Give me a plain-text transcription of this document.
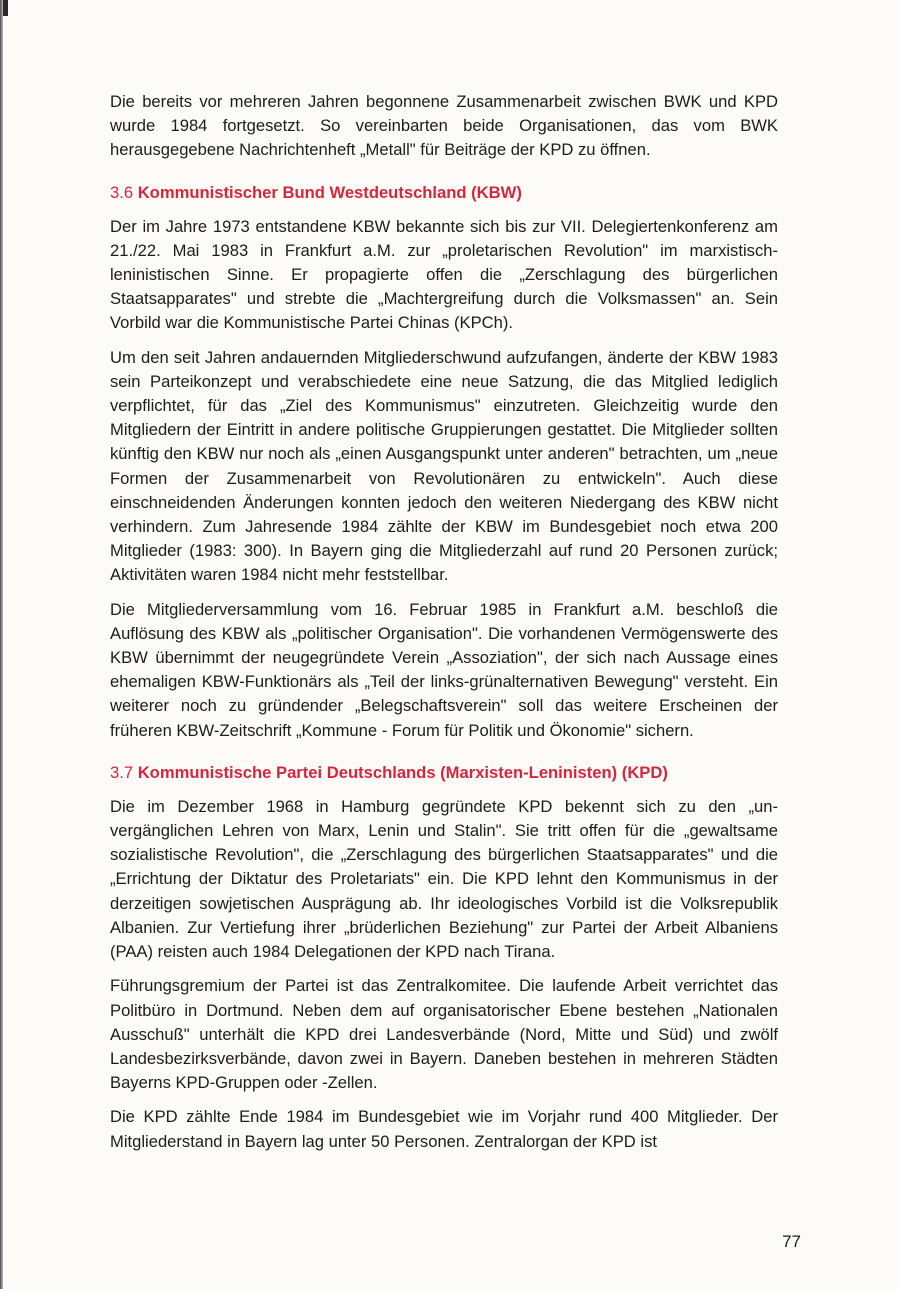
Die bereits vor mehreren Jahren begonnene Zusammenarbeit zwischen BWK und KPD wurde 1984 fortgesetzt. So vereinbarten beide Organisationen, das vom BWK herausgegebene Nachrichtenheft „Metall" für Beiträge der KPD zu öffnen.

3.6 Kommunistischer Bund Westdeutschland (KBW)

Der im Jahre 1973 entstandene KBW bekannte sich bis zur VII. Delegiertenkonferenz am 21./22. Mai 1983 in Frankfurt a.M. zur „proletarischen Revolution" im marxistisch-leninistischen Sinne. Er propagierte offen die „Zerschlagung des bürgerlichen Staatsapparates" und strebte die „Machtergreifung durch die Volksmassen" an. Sein Vorbild war die Kommunistische Partei Chinas (KPCh).

Um den seit Jahren andauernden Mitgliederschwund aufzufangen, änderte der KBW 1983 sein Parteikonzept und verabschiedete eine neue Satzung, die das Mitglied lediglich verpflichtet, für das „Ziel des Kommunismus" einzutreten. Gleichzeitig wurde den Mitgliedern der Eintritt in andere politische Gruppierungen gestattet. Die Mitglieder sollten künftig den KBW nur noch als „einen Ausgangspunkt unter anderen" betrachten, um „neue Formen der Zusammenarbeit von Revolutionären zu entwickeln". Auch diese einschneidenden Änderungen konnten jedoch den weiteren Niedergang des KBW nicht verhindern. Zum Jahresende 1984 zählte der KBW im Bundesgebiet noch etwa 200 Mitglieder (1983: 300). In Bayern ging die Mitgliederzahl auf rund 20 Personen zurück; Aktivitäten waren 1984 nicht mehr feststellbar.

Die Mitgliederversammlung vom 16. Februar 1985 in Frankfurt a.M. beschloß die Auflösung des KBW als „politischer Organisation". Die vorhandenen Vermögenswerte des KBW übernimmt der neugegründete Verein „Assoziation", der sich nach Aussage eines ehemaligen KBW-Funktionärs als „Teil der links-grünalternativen Bewegung" versteht. Ein weiterer noch zu gründender „Belegschaftsverein" soll das weitere Erscheinen der früheren KBW-Zeitschrift „Kommune - Forum für Politik und Ökonomie" sichern.

3.7 Kommunistische Partei Deutschlands (Marxisten-Leninisten) (KPD)

Die im Dezember 1968 in Hamburg gegründete KPD bekennt sich zu den „unvergänglichen Lehren von Marx, Lenin und Stalin". Sie tritt offen für die „gewaltsame sozialistische Revolution", die „Zerschlagung des bürgerlichen Staatsapparates" und die „Errichtung der Diktatur des Proletariats" ein. Die KPD lehnt den Kommunismus in der derzeitigen sowjetischen Ausprägung ab. Ihr ideologisches Vorbild ist die Volksrepublik Albanien. Zur Vertiefung ihrer „brüderlichen Beziehung" zur Partei der Arbeit Albaniens (PAA) reisten auch 1984 Delegationen der KPD nach Tirana.

Führungsgremium der Partei ist das Zentralkomitee. Die laufende Arbeit verrichtet das Politbüro in Dortmund. Neben dem auf organisatorischer Ebene bestehen „Nationalen Ausschuß" unterhält die KPD drei Landesverbände (Nord, Mitte und Süd) und zwölf Landesbezirksverbände, davon zwei in Bayern. Daneben bestehen in mehreren Städten Bayerns KPD-Gruppen oder -Zellen.

Die KPD zählte Ende 1984 im Bundesgebiet wie im Vorjahr rund 400 Mitglieder. Der Mitgliederstand in Bayern lag unter 50 Personen. Zentralorgan der KPD ist

77
